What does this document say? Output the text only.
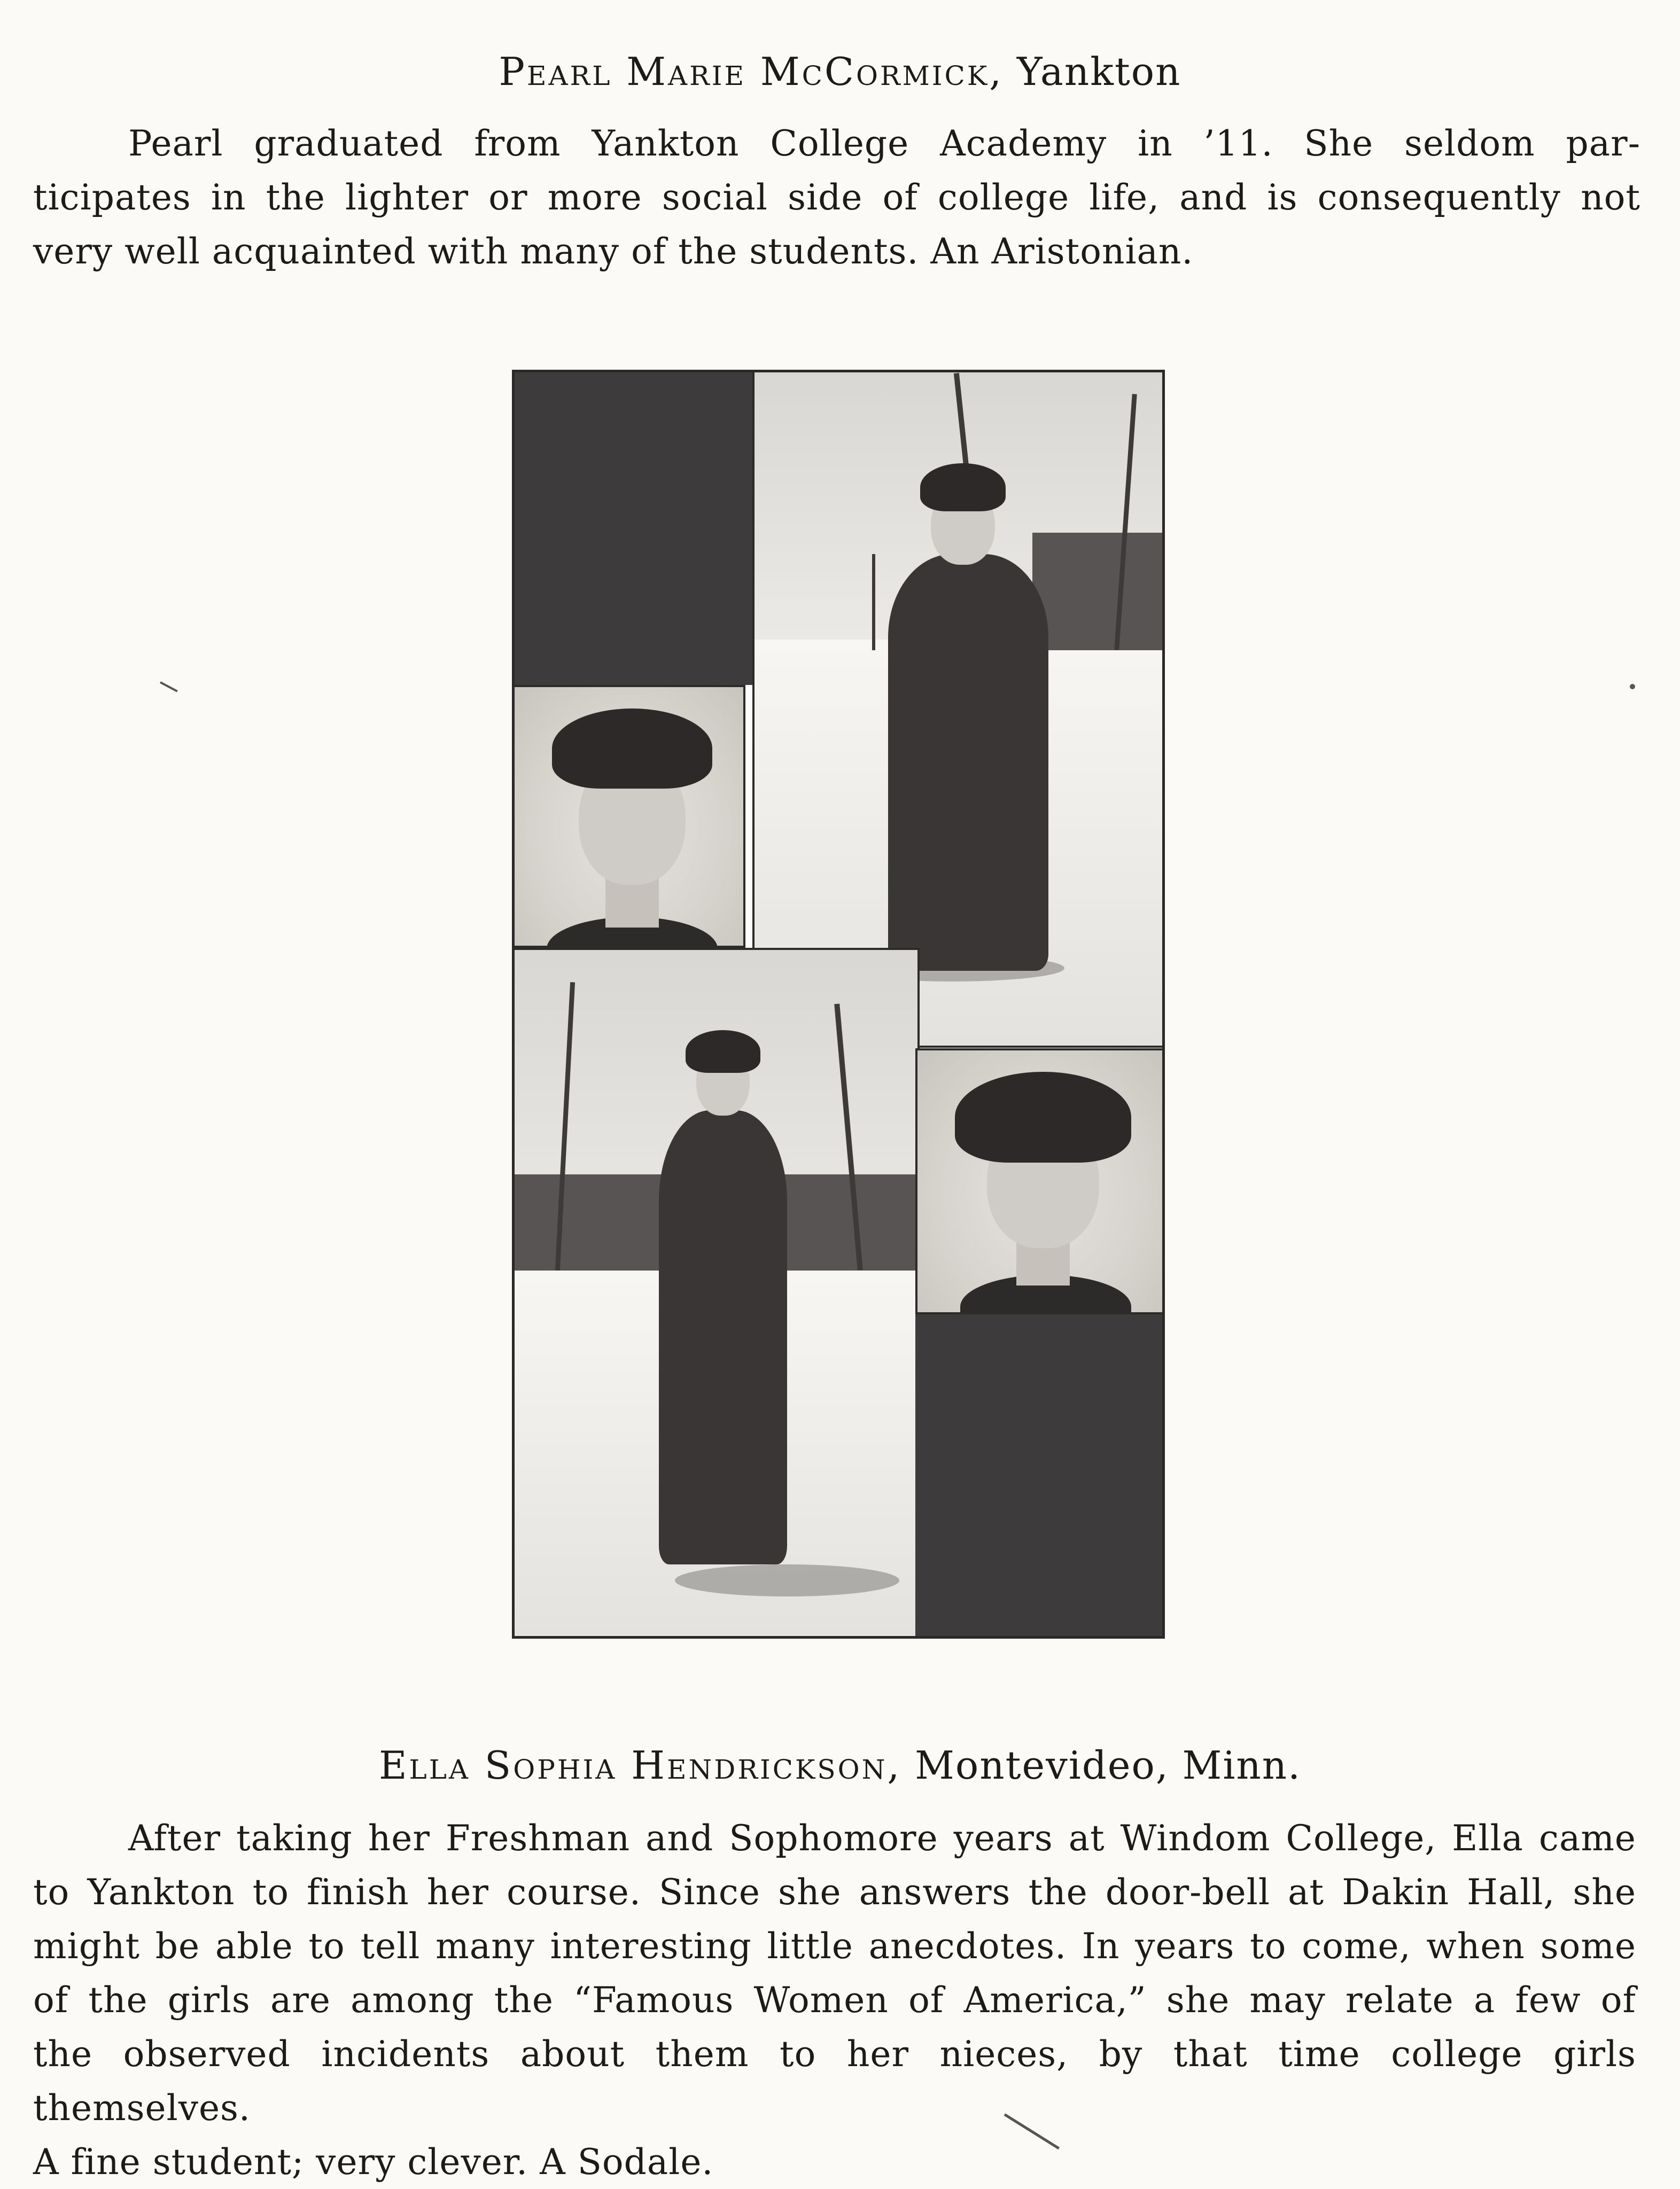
Pearl Marie McCormick, Yankton
Pearl graduated from Yankton College Academy in ’11. She seldom par-
ticipates in the lighter or more social side of college life, and is consequently not
very well acquainted with many of the students. An Aristonian.
Ella Sophia Hendrickson, Montevideo, Minn.
After taking her Freshman and Sophomore years at Windom College, Ella came
to Yankton to finish her course. Since she answers the door-bell at Dakin Hall, she
might be able to tell many interesting little anecdotes. In years to come, when some
of the girls are among the “Famous Women of America,” she may relate a few of
the observed incidents about them to her nieces, by that time college girls themselves.
A fine student; very clever. A Sodale.
